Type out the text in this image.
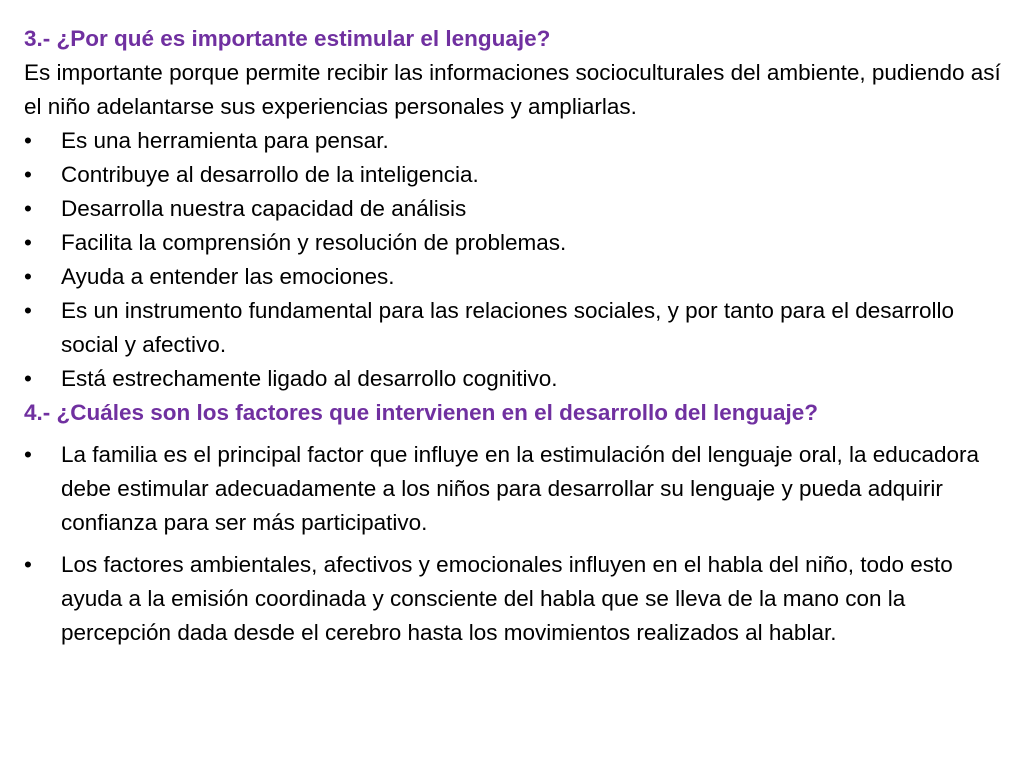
3.- ¿Por qué es importante estimular el lenguaje?

Es importante porque permite recibir las informaciones socioculturales del ambiente, pudiendo así el niño adelantarse sus experiencias personales y ampliarlas.

•	Es una herramienta para pensar.
•	Contribuye al desarrollo de la inteligencia.
•	Desarrolla nuestra capacidad de análisis
•	Facilita la comprensión y resolución de problemas.
•	Ayuda a entender las emociones.
•	Es un instrumento fundamental para las relaciones sociales, y por tanto para el desarrollo social y afectivo.
•	Está estrechamente ligado al desarrollo cognitivo.

4.- ¿Cuáles son los factores que intervienen en el desarrollo del lenguaje?

•	La familia es el principal factor que influye en la estimulación del lenguaje oral, la educadora debe estimular adecuadamente a los niños para desarrollar su lenguaje y pueda adquirir confianza para ser más participativo.
•	Los factores ambientales, afectivos y emocionales influyen en el habla del niño, todo esto ayuda a la emisión coordinada y consciente del habla que se lleva de la mano con la percepción dada desde el cerebro hasta los movimientos realizados al hablar.
